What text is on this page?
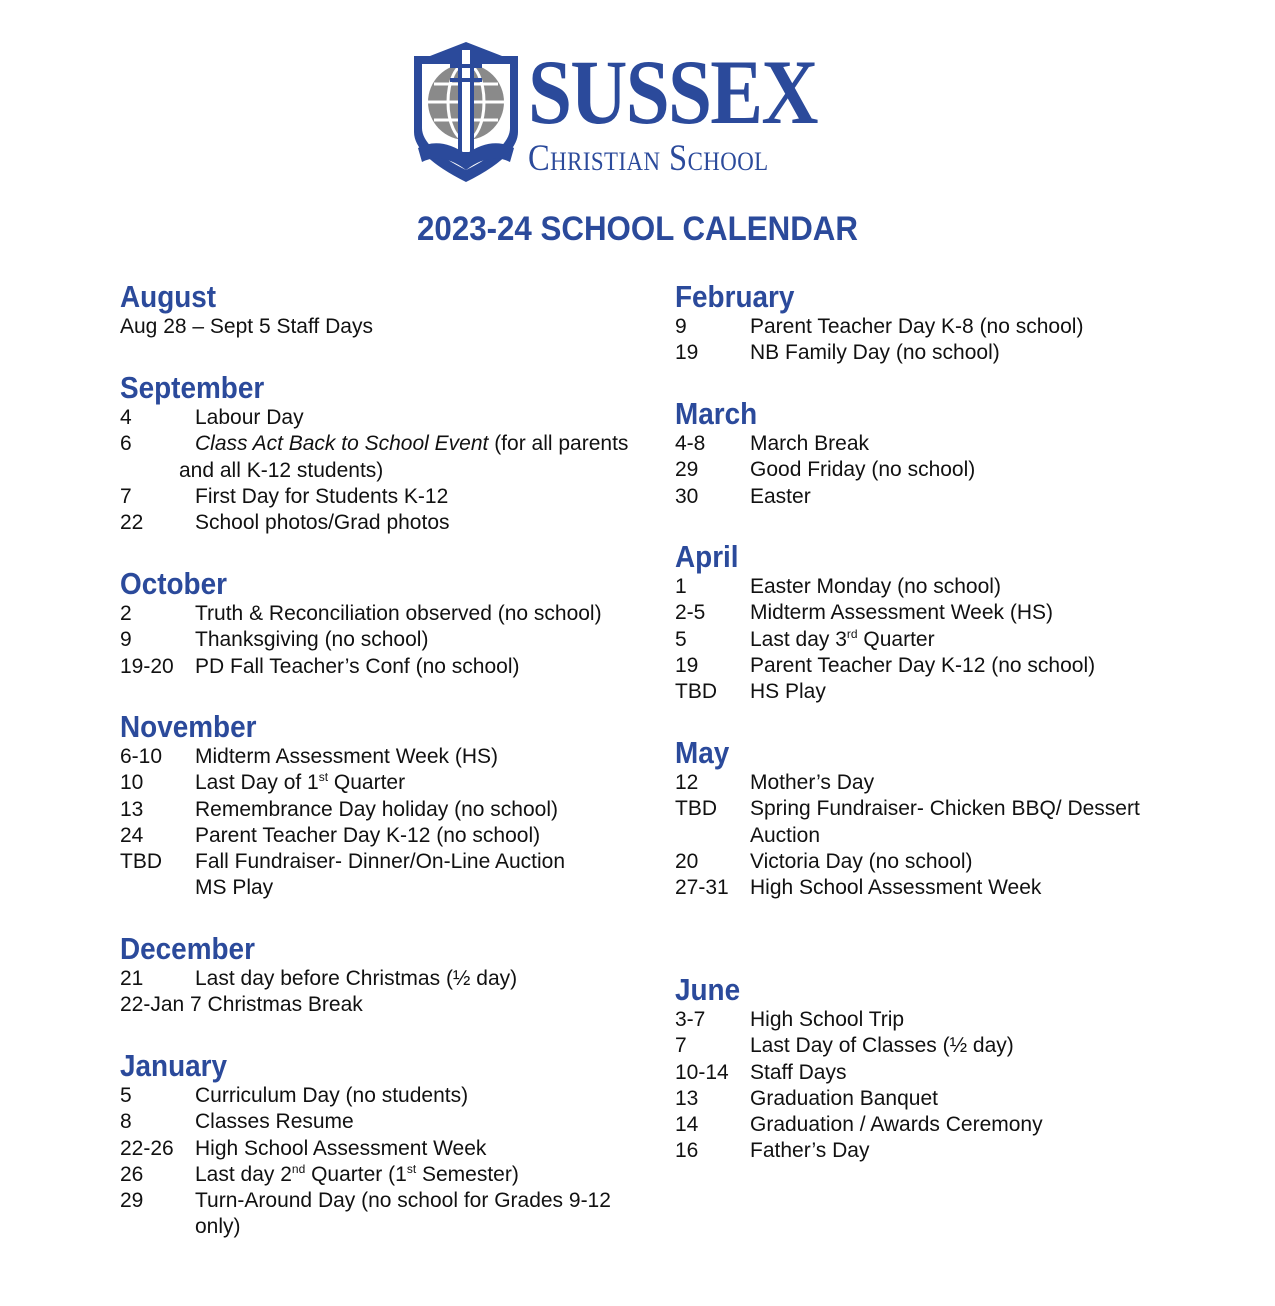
SUSSEX
Christian School
2023-24 SCHOOL CALENDAR
August
Aug 28 – Sept 5 Staff Days
September
4	Labour Day
6	Class Act Back to School Event (for all parents
and all K-12 students)
7	First Day for Students K-12
22 School photos/Grad photos
October
2	Truth & Reconciliation observed (no school)
9	Thanksgiving (no school)
19-20 PD Fall Teacher’s Conf (no school)
November
6-10 Midterm Assessment Week (HS)
10 Last Day of 1st Quarter
13 Remembrance Day holiday (no school)
24 Parent Teacher Day K-12 (no school)
TBD Fall Fundraiser- Dinner/On-Line Auction
MS Play
December
21 Last day before Christmas (½ day)
22-Jan 7 Christmas Break
January
5	Curriculum Day (no students)
8	Classes Resume
22-26 High School Assessment Week
26 Last day 2nd Quarter (1st Semester)
29 Turn-Around Day (no school for Grades 9-12
only)
February
9	Parent Teacher Day K-8 (no school)
19 NB Family Day (no school)
March
4-8 March Break
29 Good Friday (no school)
30 Easter
April
1	Easter Monday (no school)
2-5 Midterm Assessment Week (HS)
5	Last day 3rd Quarter
19 Parent Teacher Day K-12 (no school)
TBD HS Play
May
12 Mother’s Day
TBD Spring Fundraiser- Chicken BBQ/ Dessert
Auction
20 Victoria Day (no school)
27-31 High School Assessment Week
June
3-7 High School Trip
7	Last Day of Classes (½ day)
10-14 Staff Days
13 Graduation Banquet
14 Graduation / Awards Ceremony
16 Father’s Day
